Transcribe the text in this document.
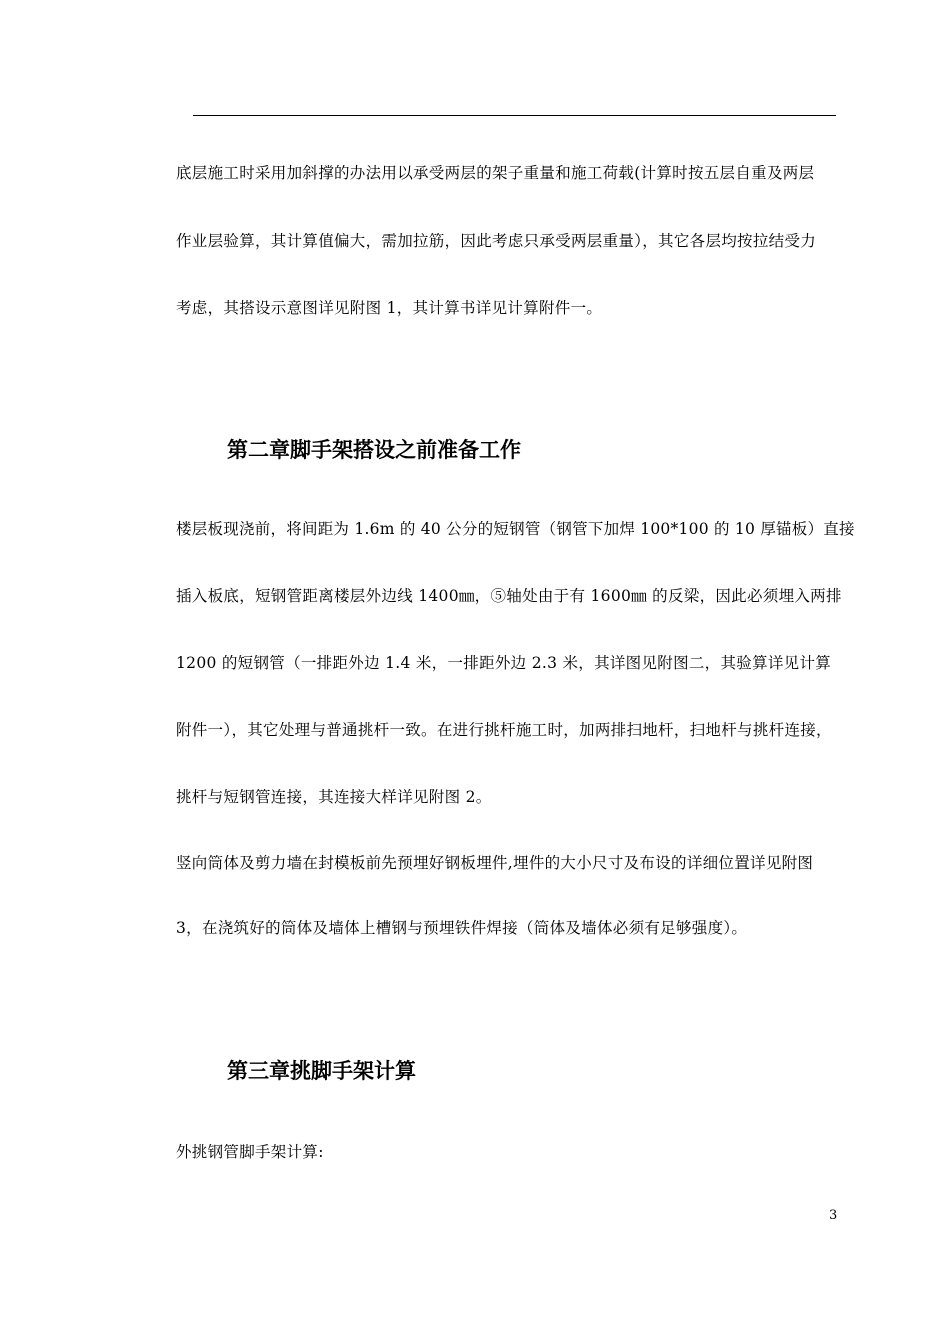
底层施工时采用加斜撑的办法用以承受两层的架子重量和施工荷载(计算时按五层自重及两层
作业层验算，其计算值偏大，需加拉筋，因此考虑只承受两层重量），其它各层均按拉结受力
考虑，其搭设示意图详见附图 1，其计算书详见计算附件一。
第二章脚手架搭设之前准备工作
楼层板现浇前，将间距为 1.6m 的 40 公分的短钢管（钢管下加焊 100*100 的 10 厚锚板）直接
插入板底，短钢管距离楼层外边线 1400㎜，⑤轴处由于有 1600㎜ 的反梁，因此必须埋入两排
1200 的短钢管（一排距外边 1.4 米，一排距外边 2.3 米，其详图见附图二，其验算详见计算
附件一），其它处理与普通挑杆一致。在进行挑杆施工时，加两排扫地杆，扫地杆与挑杆连接，
挑杆与短钢管连接，其连接大样详见附图 2。
竖向筒体及剪力墙在封模板前先预埋好钢板埋件,埋件的大小尺寸及布设的详细位置详见附图
3，在浇筑好的筒体及墙体上槽钢与预埋铁件焊接（筒体及墙体必须有足够强度）。
第三章挑脚手架计算
外挑钢管脚手架计算:
3
